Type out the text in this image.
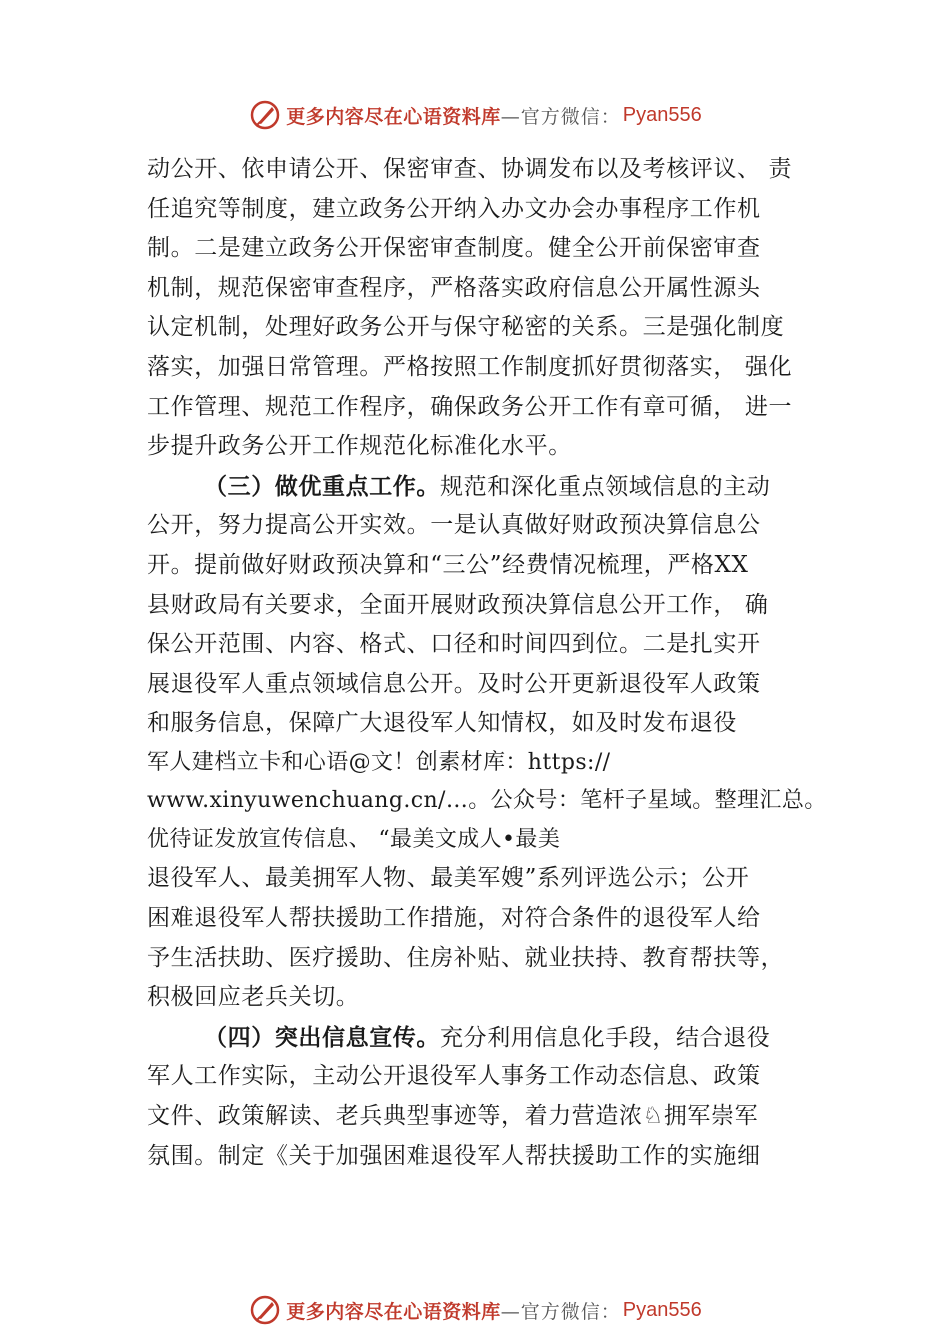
更多内容尽在心语资料库 —官方微信： Pyan556
动公开、依申请公开、保密审查、协调发布以及考核评议、 责
任追究等制度，建立政务公开纳入办文办会办事程序工作机
制。二是建立政务公开保密审查制度。健全公开前保密审查
机制，规范保密审查程序，严格落实政府信息公开属性源头
认定机制，处理好政务公开与保守秘密的关系。三是强化制度
落实，加强日常管理。严格按照工作制度抓好贯彻落实， 强化
工作管理、规范工作程序，确保政务公开工作有章可循， 进一
步提升政务公开工作规范化标准化水平。
（三）做优重点工作。规范和深化重点领域信息的主动
公开，努力提高公开实效。一是认真做好财政预决算信息公
开。提前做好财政预决算和“三公”经费情况梳理，严格XX
县财政局有关要求，全面开展财政预决算信息公开工作， 确
保公开范围、内容、格式、口径和时间四到位。二是扎实开
展退役军人重点领域信息公开。及时公开更新退役军人政策
和服务信息，保障广大退役军人知情权，如及时发布退役
军人建档立卡和心语@文！创素材库：https://
www.xinyuwenchuang.cn/…。公众号：笔杆子星域。整理汇总。
优待证发放宣传信息、 “最美文成人•最美
退役军人、最美拥军人物、最美军嫂”系列评选公示；公开
困难退役军人帮扶援助工作措施，对符合条件的退役军人给
予生活扶助、医疗援助、住房补贴、就业扶持、教育帮扶等，
积极回应老兵关切。
（四）突出信息宣传。充分利用信息化手段，结合退役
军人工作实际，主动公开退役军人事务工作动态信息、政策
文件、政策解读、老兵典型事迹等，着力营造浓♘拥军崇军
氛围。制定《关于加强困难退役军人帮扶援助工作的实施细
更多内容尽在心语资料库 —官方微信： Pyan556
